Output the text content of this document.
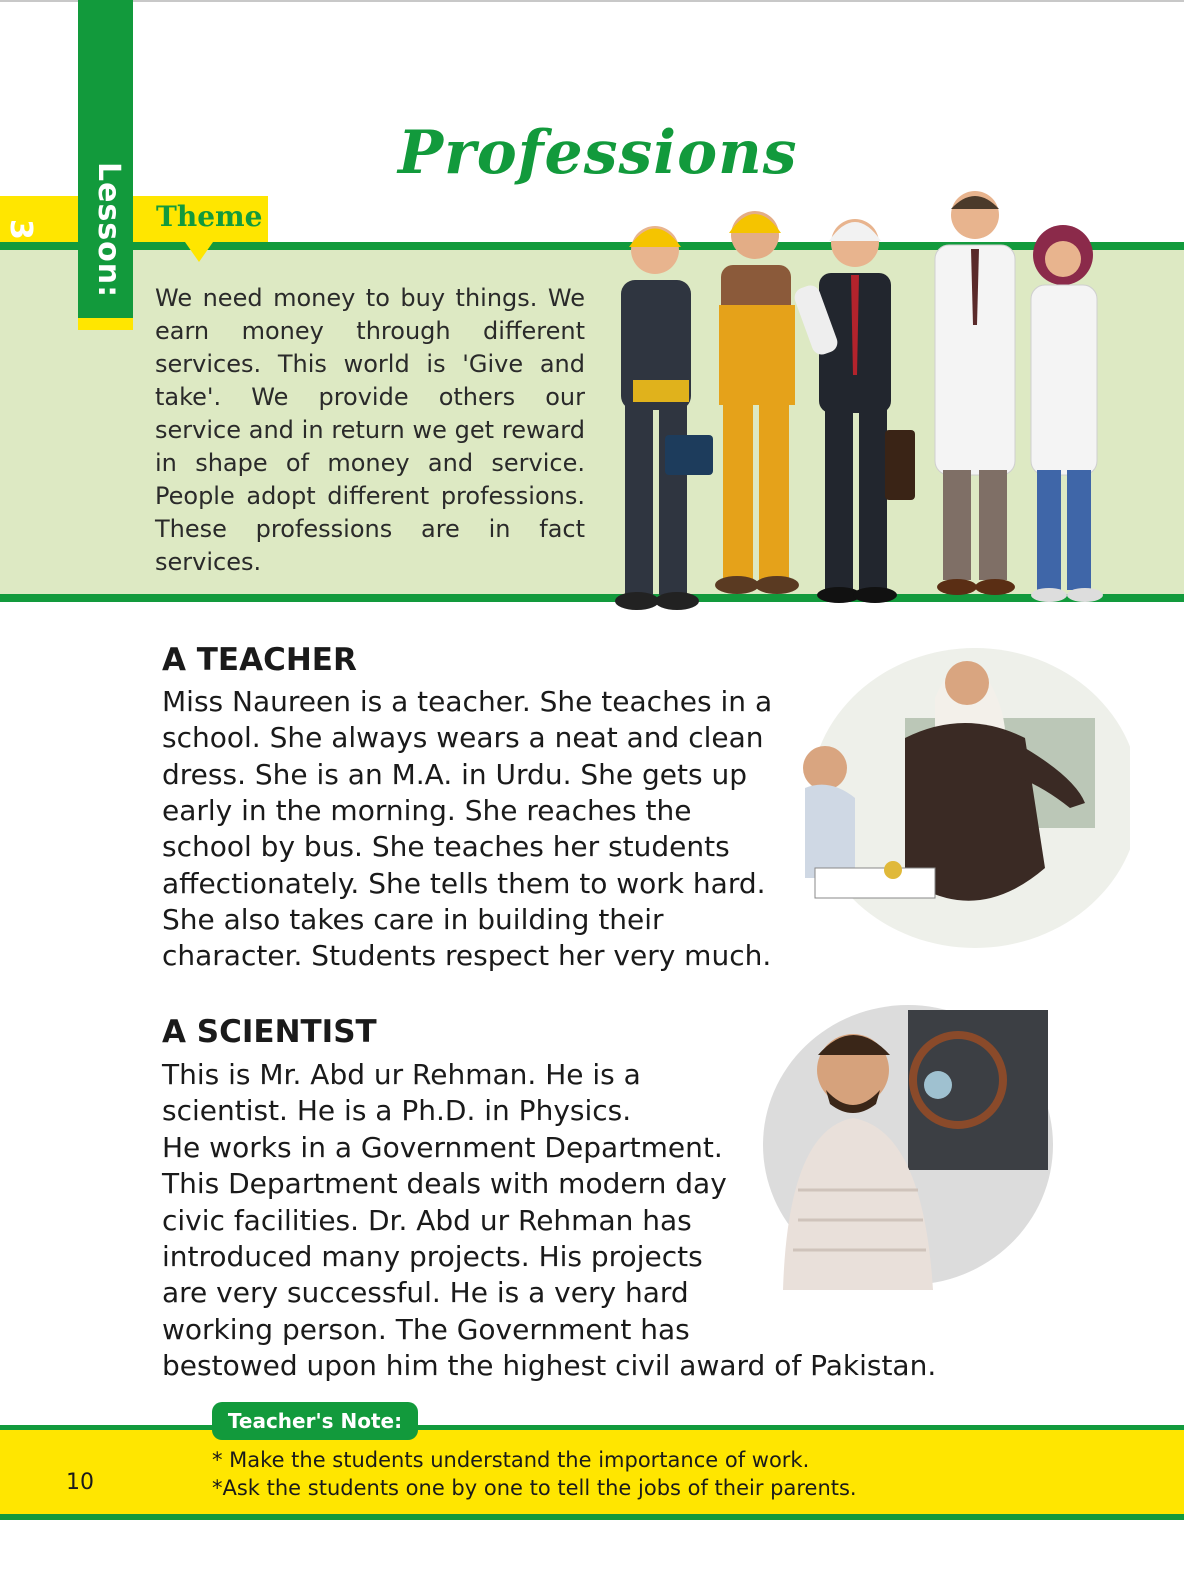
Theme
Lesson: 3
Professions

We need money to buy things. We earn money through different services. This world is 'Give and take'. We provide others our service and in return we get reward in shape of money and service. People adopt different professions. These professions are in fact services.

A TEACHER

Miss Naureen is a teacher. She teaches in a

school. She always wears a neat and clean

dress. She is an M.A. in Urdu. She gets up

early in the morning. She reaches the

school by bus. She teaches her students

affectionately. She tells them to work hard.

She also takes care in building their

character. Students respect her very much.

A SCIENTIST

This is Mr. Abd ur Rehman. He is a

scientist. He is a Ph.D. in Physics.

He works in a Government Department.

This Department deals with modern day

civic facilities. Dr. Abd ur Rehman has

introduced many projects. His projects

are very successful. He is a very hard

working person. The Government has

bestowed upon him the highest civil award of Pakistan.

Teacher's Note:
* Make the students understand the importance of work.
*Ask the students one by one to tell the jobs of their parents.
10
